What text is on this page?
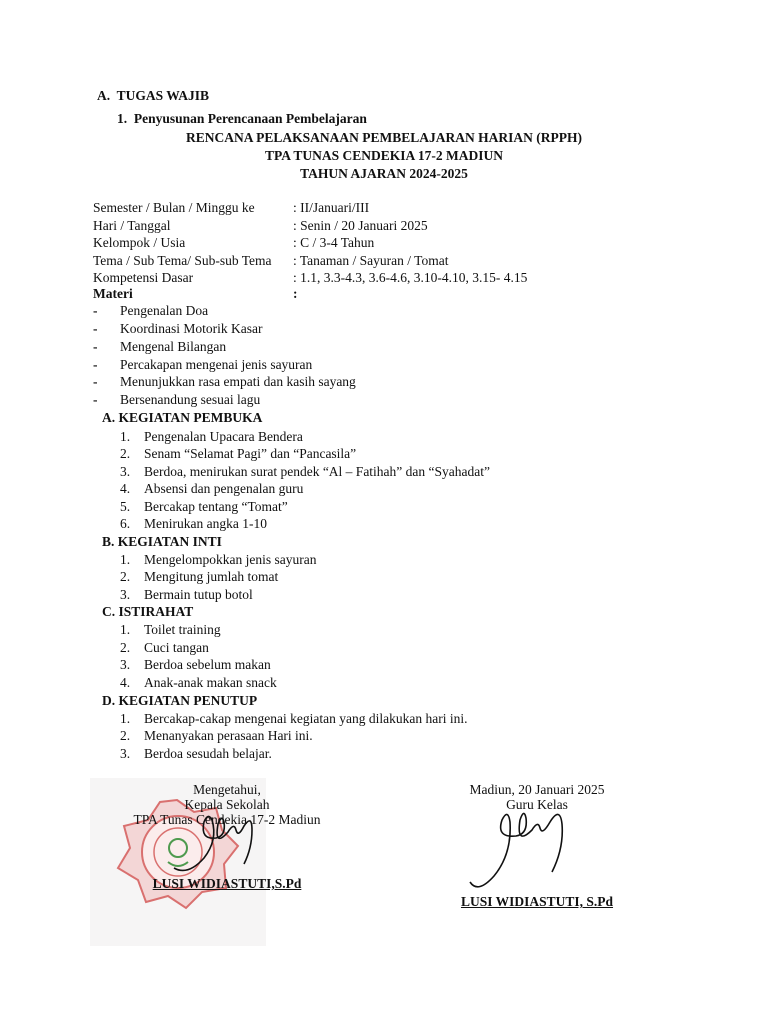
A. TUGAS WAJIB
1. Penyusunan Perencanaan Pembelajaran
RENCANA PELAKSANAAN PEMBELAJARAN HARIAN (RPPH)
TPA TUNAS CENDEKIA 17-2 MADIUN
TAHUN AJARAN 2024-2025
Semester / Bulan / Minggu ke	: II/Januari/III
Hari / Tanggal	: Senin / 20 Januari 2025
Kelompok / Usia	: C / 3-4 Tahun
Tema / Sub Tema/ Sub-sub Tema : Tanaman / Sayuran / Tomat
Kompetensi Dasar	: 1.1, 3.3-4.3, 3.6-4.6, 3.10-4.10, 3.15- 4.15
Materi	:
- Pengenalan Doa
- Koordinasi Motorik Kasar
- Mengenal Bilangan
- Percakapan mengenai jenis sayuran
- Menunjukkan rasa empati dan kasih sayang
- Bersenandung sesuai lagu
A. KEGIATAN PEMBUKA
1. Pengenalan Upacara Bendera
2. Senam “Selamat Pagi” dan “Pancasila”
3. Berdoa, menirukan surat pendek “Al – Fatihah” dan “Syahadat”
4. Absensi dan pengenalan guru
5. Bercakap tentang “Tomat”
6. Menirukan angka 1-10
B. KEGIATAN INTI
1. Mengelompokkan jenis sayuran
2. Mengitung jumlah tomat
3. Bermain tutup botol
C. ISTIRAHAT
1. Toilet training
2. Cuci tangan
3. Berdoa sebelum makan
4. Anak-anak makan snack
D. KEGIATAN PENUTUP
1. Bercakap-cakap mengenai kegiatan yang dilakukan hari ini.
2. Menanyakan perasaan Hari ini.
3. Berdoa sesudah belajar.
Mengetahui,
Kepala Sekolah
TPA Tunas Cendekia 17-2 Madiun
LUSI WIDIASTUTI,S.Pd
Madiun, 20 Januari 2025
Guru Kelas
LUSI WIDIASTUTI, S.Pd
